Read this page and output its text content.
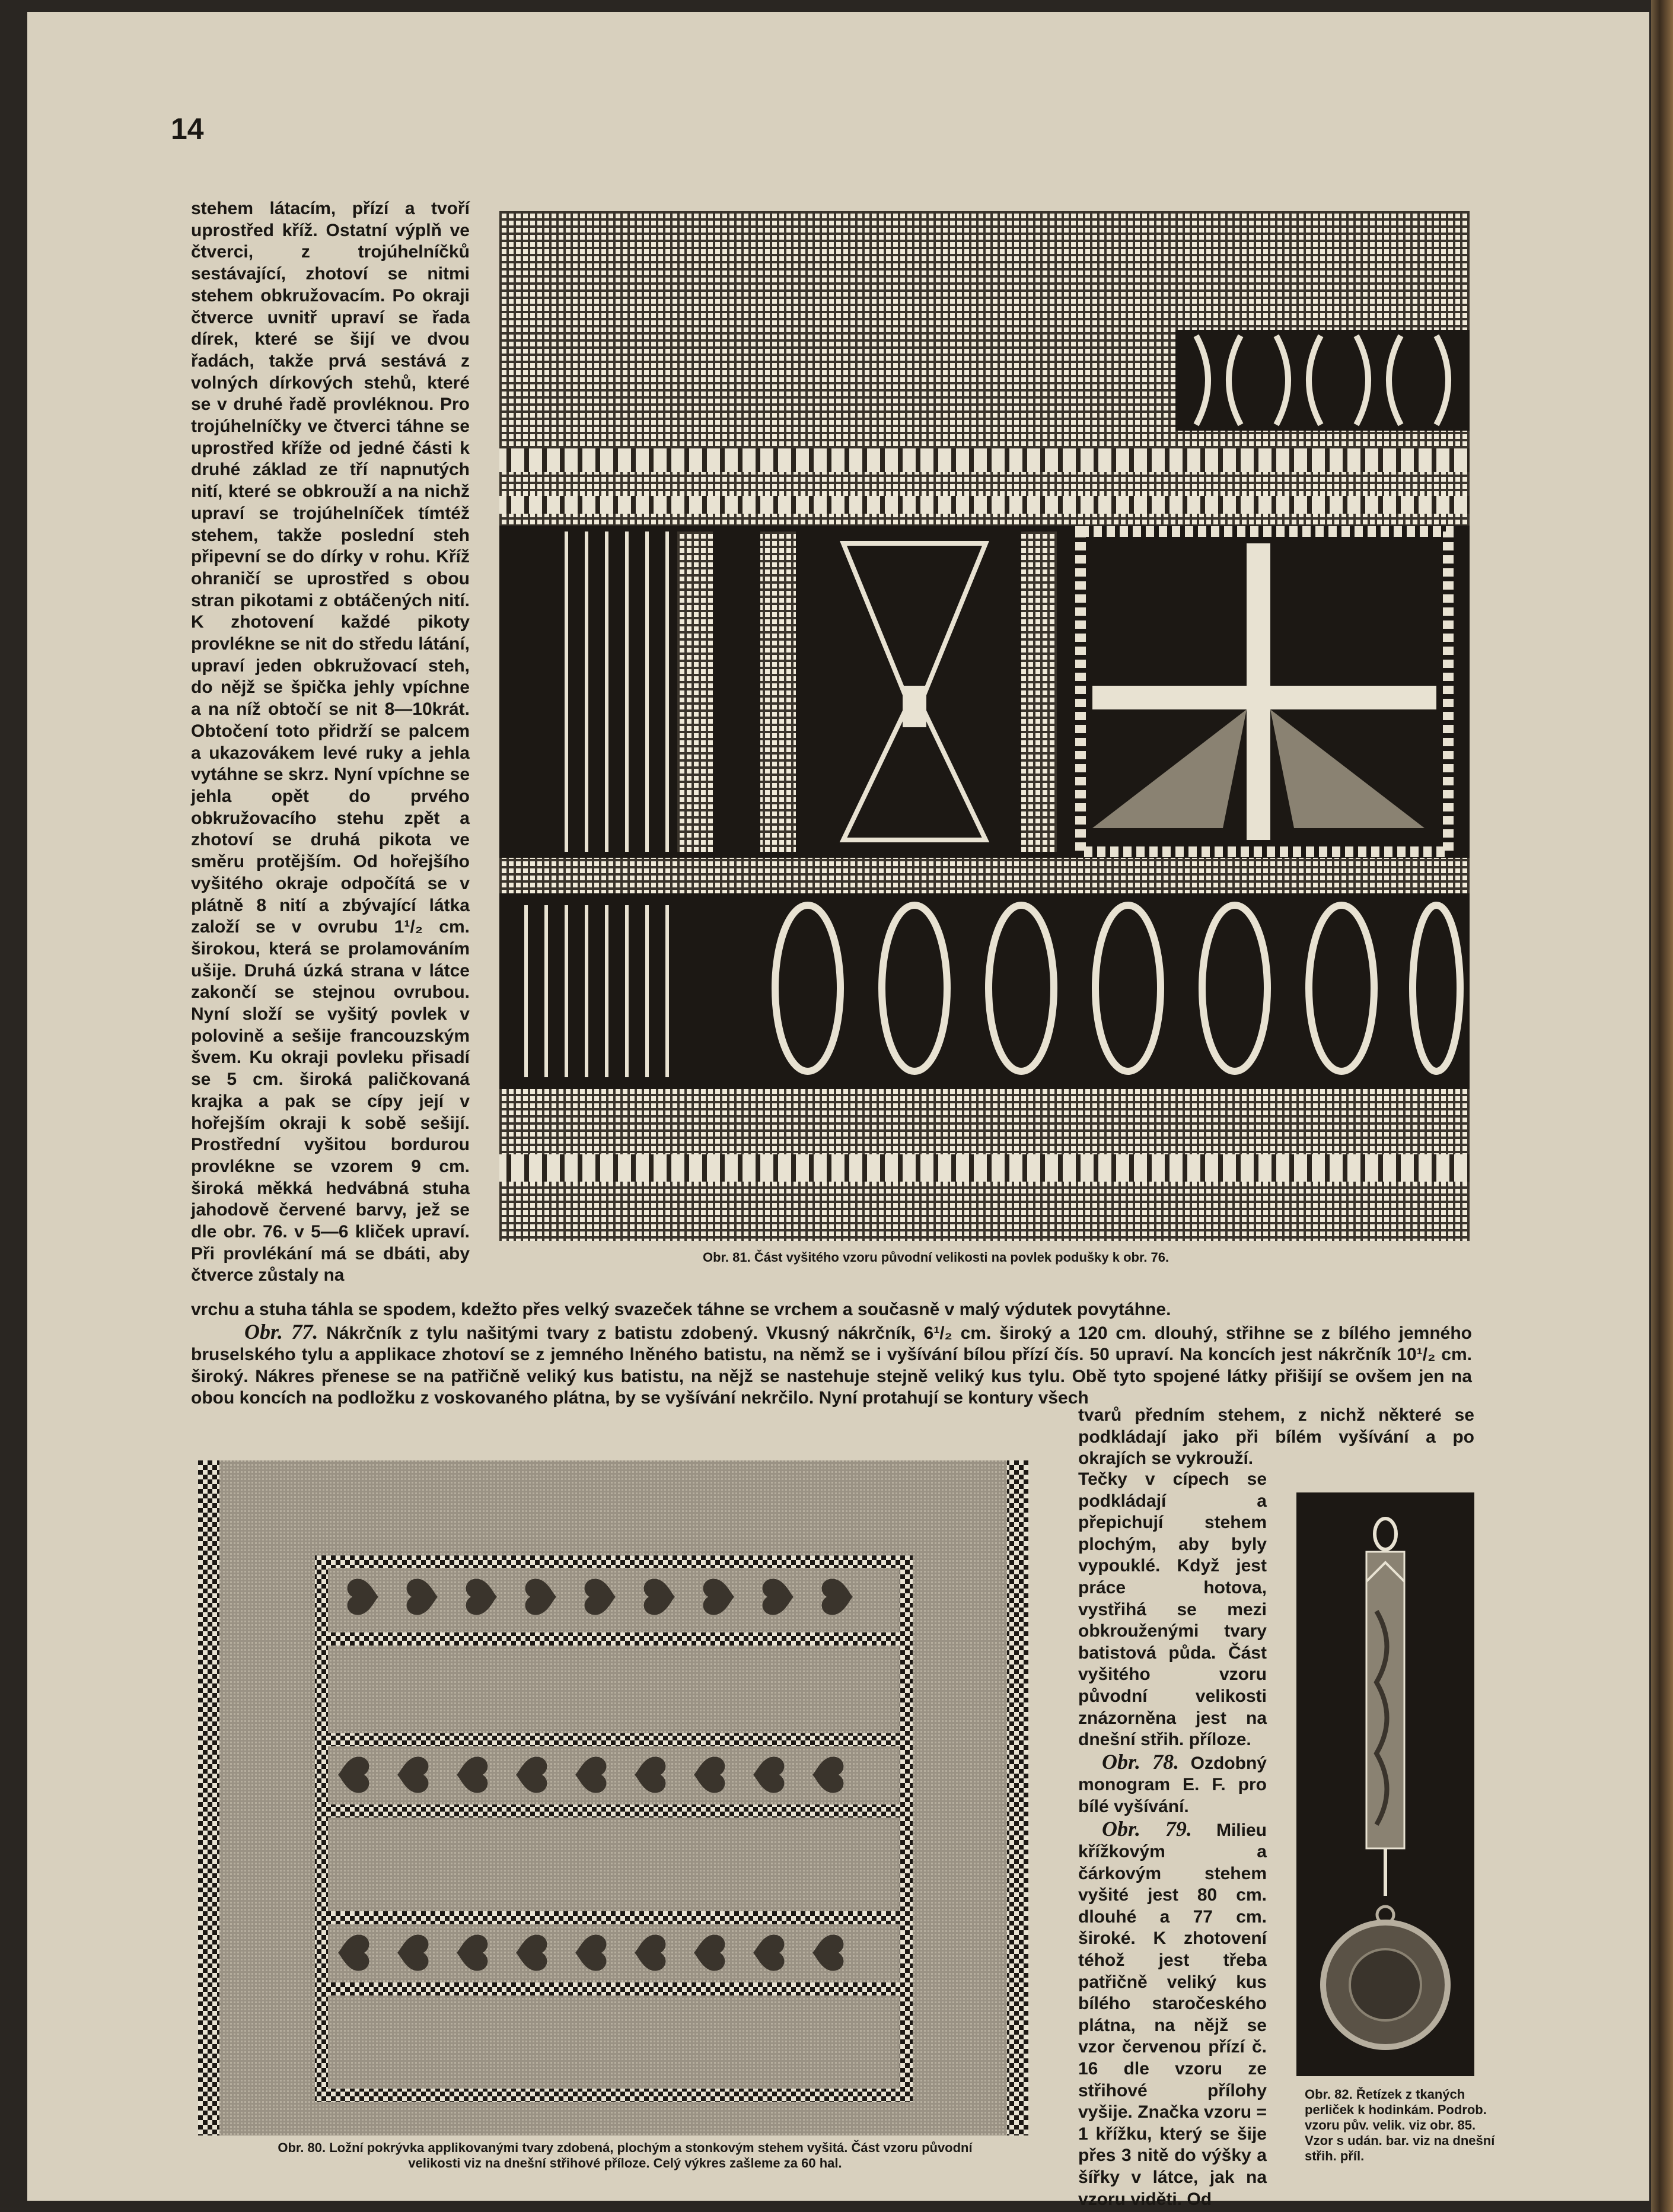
14

stehem látacím, přízí a tvoří uprostřed kříž. Ostatní výplň ve čtverci, z trojúhelníčků sestávající, zhotoví se nitmi stehem obkružovacím. Po okraji čtverce uvnitř upraví se řada dírek, které se šijí ve dvou řadách, takže prvá sestává z volných dírkových stehů, které se v druhé řadě provléknou. Pro trojúhelníčky ve čtverci táhne se uprostřed kříže od jedné části k druhé základ ze tří napnutých nití, které se obkrouží a na nichž upraví se trojúhelníček tímtéž stehem, takže poslední steh připevní se do dírky v rohu. Kříž ohraničí se uprostřed s obou stran pikotami z obtáčených nití. K zhotovení každé pikoty provlékne se nit do středu látání, upraví jeden obkružovací steh, do nějž se špička jehly vpíchne a na níž obtočí se nit 8—10krát. Obtočení toto přidrží se palcem a ukazovákem levé ruky a jehla vytáhne se skrz. Nyní vpíchne se jehla opět do prvého obkružovacího stehu zpět a zhotoví se druhá pikota ve směru protějším. Od hořejšího vyšitého okraje odpočítá se v plátně 8 nití a zbývající látka založí se v ovrubu 1¹/₂ cm. širokou, která se prolamováním ušije. Druhá úzká strana v látce zakončí se stejnou ovrubou. Nyní složí se vyšitý povlek v polovině a sešije francouzským švem. Ku okraji povleku přisadí se 5 cm. široká paličkovaná krajka a pak se cípy její v hořejším okraji k sobě sešijí. Prostřední vyšitou bordurou provlékne se vzorem 9 cm. široká měkká hedvábná stuha jahodově červené barvy, jež se dle obr. 76. v 5—6 kliček upraví. Při provlékání má se dbáti, aby čtverce zůstaly na

Obr. 81. Část vyšitého vzoru původní velikosti na povlek podušky k obr. 76.

vrchu a stuha táhla se spodem, kdežto přes velký svazeček táhne se vrchem a současně v malý výdutek povytáhne.

Obr. 77. Nákrčník z tylu našitými tvary z batistu zdobený. Vkusný nákrčník, 6¹/₂ cm. široký a 120 cm. dlouhý, střihne se z bílého jemného bruselského tylu a applikace zhotoví se z jemného lněného batistu, na němž se i vyšívání bílou přízí čís. 50 upraví. Na koncích jest nákrčník 10¹/₂ cm. široký. Nákres přenese se na patřičně veliký kus batistu, na nějž se nastehuje stejně veliký kus tylu. Obě tyto spojené látky přišijí se ovšem jen na obou koncích na podložku z voskovaného plátna, by se vyšívání nekrčilo. Nyní protahují se kontury všech

tvarů předním stehem, z nichž některé se podkládají jako při bílém vyšívání a po okrajích se vykrouží.
Obr. 80. Ložní pokrývka applikovanými tvary zdobená, plochým a stonkovým stehem vyšitá. Část vzoru původní
velikosti viz na dnešní střihové příloze. Celý výkres zašleme za 60 hal.

Tečky v cípech se podkládají a přepichují stehem plochým, aby byly vypouklé. Když jest práce hotova, vystřihá se mezi obkrouženými tvary batistová půda. Část vyšitého vzoru původní velikosti znázorněna jest na dnešní střih. příloze.

Obr. 78. Ozdobný monogram E. F. pro bílé vyšívání.

Obr. 79. Milieu křížkovým a čárkovým stehem vyšité jest 80 cm. dlouhé a 77 cm. široké. K zhotovení téhož jest třeba patřičně veliký kus bílého staročeského plátna, na nějž se vzor červenou přízí č. 16 dle vzoru ze střihové přílohy vyšije. Značka vzoru = 1 křížku, který se šije přes 3 nitě do výšky a šířky v látce, jak na vzoru viděti. Od

Obr. 82. Řetízek z tkaných perliček k hodinkám. Podrob. vzoru pův. velik. viz obr. 85. Vzor s udán. bar. viz na dnešní střih. příl.
